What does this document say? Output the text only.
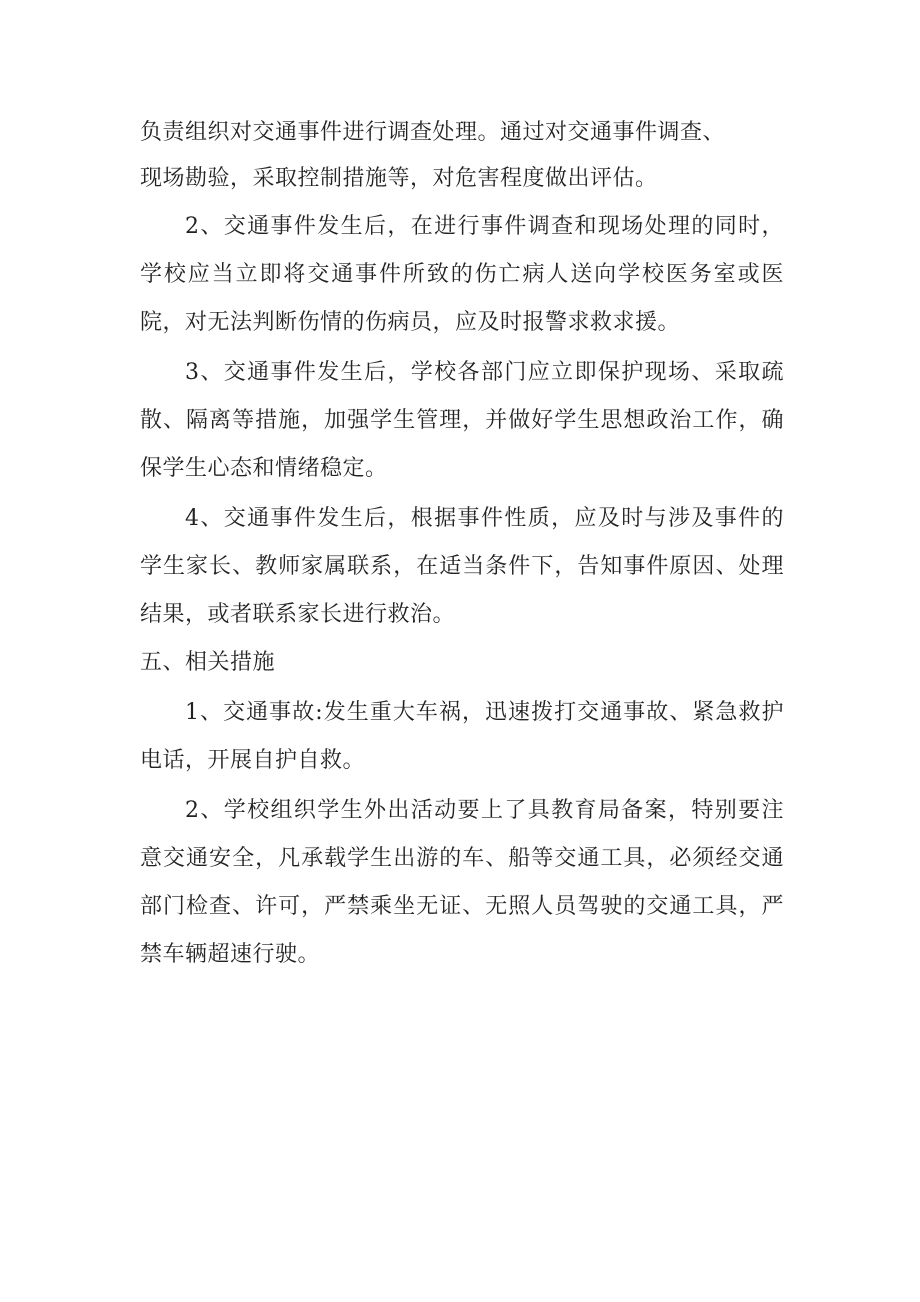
负责组织对交通事件进行调查处理。通过对交通事件调查、

现场勘验，采取控制措施等，对危害程度做出评估。

2、交通事件发生后，在进行事件调查和现场处理的同时，

学校应当立即将交通事件所致的伤亡病人送向学校医务室或医

院，对无法判断伤情的伤病员，应及时报警求救求援。

3、交通事件发生后，学校各部门应立即保护现场、采取疏

散、隔离等措施，加强学生管理，并做好学生思想政治工作，确

保学生心态和情绪稳定。

4、交通事件发生后，根据事件性质，应及时与涉及事件的

学生家长、教师家属联系，在适当条件下，告知事件原因、处理

结果，或者联系家长进行救治。

五、相关措施

1、交通事故:发生重大车祸，迅速拨打交通事故、紧急救护

电话，开展自护自救。

2、学校组织学生外出活动要上了具教育局备案，特别要注

意交通安全，凡承载学生出游的车、船等交通工具，必须经交通

部门检查、许可，严禁乘坐无证、无照人员驾驶的交通工具，严

禁车辆超速行驶。
